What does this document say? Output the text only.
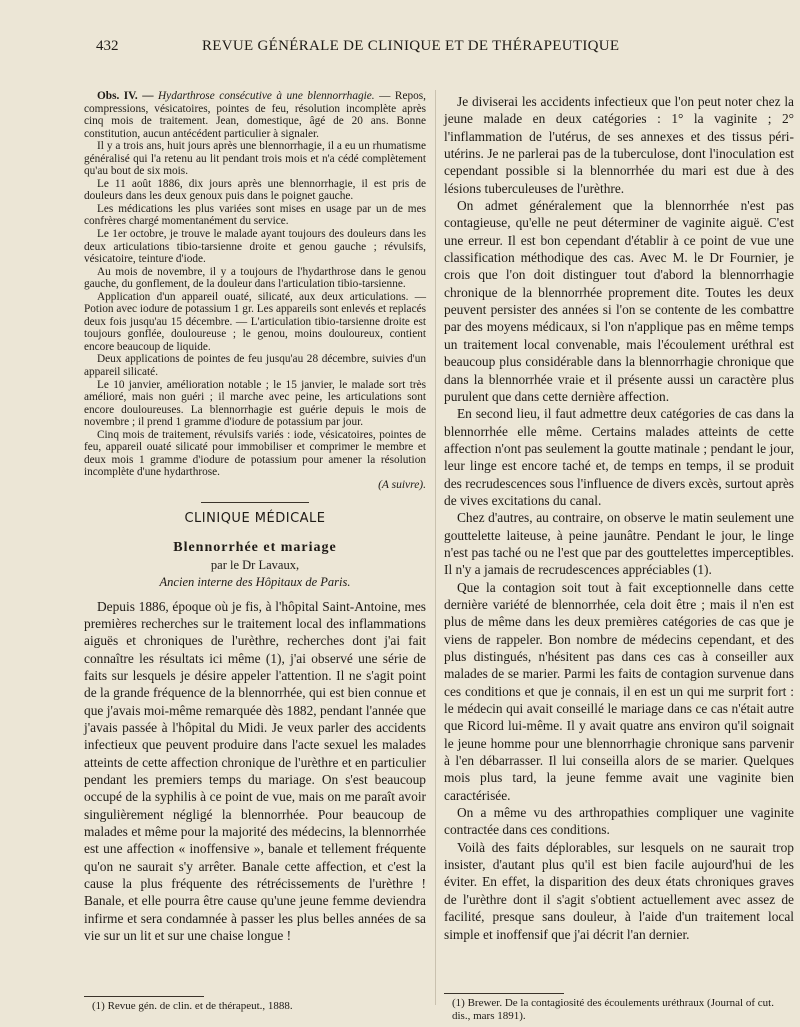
432	REVUE GÉNÉRALE DE CLINIQUE ET DE THÉRAPEUTIQUE

Obs. IV. — Hydarthrose consécutive à une blennorrhagie. — Repos, compressions, vésicatoires, pointes de feu, résolution incomplète après cinq mois de traitement. Jean, domestique, âgé de 20 ans. Bonne constitution, aucun antécédent particulier à signaler.

Il y a trois ans, huit jours après une blennorrhagie, il a eu un rhumatisme généralisé qui l'a retenu au lit pendant trois mois et n'a cédé complètement qu'au bout de six mois.

Le 11 août 1886, dix jours après une blennorrhagie, il est pris de douleurs dans les deux genoux puis dans le poignet gauche.

Les médications les plus variées sont mises en usage par un de mes confrères chargé momentanément du service.

Le 1er octobre, je trouve le malade ayant toujours des douleurs dans les deux articulations tibio-tarsienne droite et genou gauche ; révulsifs, vésicatoire, teinture d'iode.

Au mois de novembre, il y a toujours de l'hydarthrose dans le genou gauche, du gonflement, de la douleur dans l'articulation tibio-tarsienne.

Application d'un appareil ouaté, silicaté, aux deux articulations. — Potion avec iodure de potassium 1 gr. Les appareils sont enlevés et replacés deux fois jusqu'au 15 décembre. — L'articulation tibio-tarsienne droite est toujours gonflée, douloureuse ; le genou, moins douloureux, contient encore beaucoup de liquide.

Deux applications de pointes de feu jusqu'au 28 décembre, suivies d'un appareil silicaté.

Le 10 janvier, amélioration notable ; le 15 janvier, le malade sort très amélioré, mais non guéri ; il marche avec peine, les articulations sont encore douloureuses. La blennorrhagie est guérie depuis le mois de novembre ; il prend 1 gramme d'iodure de potassium par jour.

Cinq mois de traitement, révulsifs variés : iode, vésicatoires, pointes de feu, appareil ouaté silicaté pour immobiliser et comprimer le membre et deux mois 1 gramme d'iodure de potassium pour amener la résolution incomplète d'une hydarthrose.

(A suivre).

CLINIQUE MÉDICALE
Blennorrhée et mariage
par le Dr Lavaux,
Ancien interne des Hôpitaux de Paris.

Depuis 1886, époque où je fis, à l'hôpital Saint-Antoine, mes premières recherches sur le traitement local des inflammations aiguës et chroniques de l'urèthre, recherches dont j'ai fait connaître les résultats ici même (1), j'ai observé une série de faits sur lesquels je désire appeler l'attention. Il ne s'agit point de la grande fréquence de la blennorrhée, qui est bien connue et que j'avais moi-même remarquée dès 1882, pendant l'année que j'avais passée à l'hôpital du Midi. Je veux parler des accidents infectieux que peuvent produire dans l'acte sexuel les malades atteints de cette affection chronique de l'urèthre et en particulier pendant les premiers temps du mariage. On s'est beaucoup occupé de la syphilis à ce point de vue, mais on me paraît avoir singulièrement négligé la blennorrhée. Pour beaucoup de malades et même pour la majorité des médecins, la blennorrhée est une affection « inoffensive », banale et tellement fréquente qu'on ne saurait s'y arrêter. Banale cette affection, et c'est la cause la plus fréquente des rétrécissements de l'urèthre ! Banale, et elle pourra être cause qu'une jeune femme deviendra infirme et sera condamnée à passer les plus belles années de sa vie sur un lit et sur une chaise longue !

(1) Revue gén. de clin. et de thérapeut., 1888.

Je diviserai les accidents infectieux que l'on peut noter chez la jeune malade en deux catégories : 1° la vaginite ; 2° l'inflammation de l'utérus, de ses annexes et des tissus péri-utérins. Je ne parlerai pas de la tuberculose, dont l'inoculation est cependant possible si la blennorrhée du mari est due à des lésions tuberculeuses de l'urèthre.

On admet généralement que la blennorrhée n'est pas contagieuse, qu'elle ne peut déterminer de vaginite aiguë. C'est une erreur. Il est bon cependant d'établir à ce point de vue une classification méthodique des cas. Avec M. le Dr Fournier, je crois que l'on doit distinguer tout d'abord la blennorrhagie chronique de la blennorrhée proprement dite. Toutes les deux peuvent persister des années si l'on se contente de les combattre par des moyens médicaux, si l'on n'applique pas en même temps un traitement local convenable, mais l'écoulement uréthral est beaucoup plus considérable dans la blennorrhagie chronique que dans la blennorrhée vraie et il présente aussi un caractère plus purulent que dans cette dernière affection.

En second lieu, il faut admettre deux catégories de cas dans la blennorrhée elle même. Certains malades atteints de cette affection n'ont pas seulement la goutte matinale ; pendant le jour, leur linge est encore taché et, de temps en temps, il se produit des recrudescences sous l'influence de divers excès, surtout après de vives excitations du canal.

Chez d'autres, au contraire, on observe le matin seulement une gouttelette laiteuse, à peine jaunâtre. Pendant le jour, le linge n'est pas taché ou ne l'est que par des gouttelettes imperceptibles. Il n'y a jamais de recrudescences appréciables (1).

Que la contagion soit tout à fait exceptionnelle dans cette dernière variété de blennorrhée, cela doit être ; mais il n'en est plus de même dans les deux premières catégories de cas que je viens de rappeler. Bon nombre de médecins cependant, et des plus distingués, n'hésitent pas dans ces cas à conseiller aux malades de se marier. Parmi les faits de contagion survenue dans ces conditions et que je connais, il en est un qui me surprit fort : le médecin qui avait conseillé le mariage dans ce cas n'était autre que Ricord lui-même. Il y avait quatre ans environ qu'il soignait le jeune homme pour une blennorrhagie chronique sans parvenir à l'en débarrasser. Il lui conseilla alors de se marier. Quelques mois plus tard, la jeune femme avait une vaginite bien caractérisée.

On a même vu des arthropathies compliquer une vaginite contractée dans ces conditions.

Voilà des faits déplorables, sur lesquels on ne saurait trop insister, d'autant plus qu'il est bien facile aujourd'hui de les éviter. En effet, la disparition des deux états chroniques graves de l'urèthre dont il s'agit s'obtient actuellement avec assez de facilité, presque sans douleur, à l'aide d'un traitement local simple et inoffensif que j'ai décrit l'an dernier.

(1) Brewer. De la contagiosité des écoulements uréthraux (Journal of cut. dis., mars 1891).
